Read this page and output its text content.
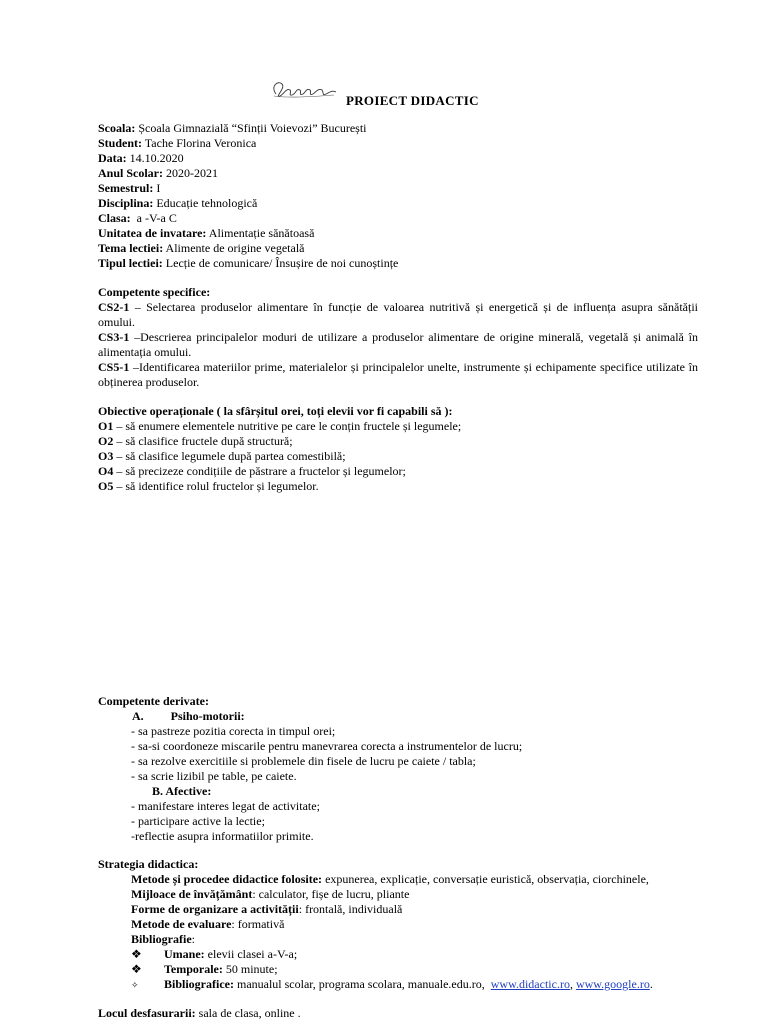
PROIECT DIDACTIC
Scoala: Școala Gimnazială “Sfinții Voievozi” București
Student: Tache Florina Veronica
Data: 14.10.2020
Anul Scolar: 2020-2021
Semestrul: I
Disciplina: Educație tehnologică
Clasa:  a -V-a C
Unitatea de invatare: Alimentație sănătoasă
Tema lectiei: Alimente de origine vegetală
Tipul lectiei: Lecție de comunicare/ Însușire de noi cunoștințe
Competente specifice:
CS2-1 – Selectarea produselor alimentare în funcție de valoarea nutritivă și energetică și de influența asupra sănătății omului.
CS3-1 –Descrierea principalelor moduri de utilizare a produselor alimentare de origine minerală, vegetală și animală în alimentația omului.
CS5-1 –Identificarea materiilor prime, materialelor și principalelor unelte, instrumente și echipamente specifice utilizate în obținerea produselor.
Obiective operaționale ( la sfârșitul orei, toți elevii vor fi capabili să ):
O1 – să enumere elementele nutritive pe care le conțin fructele și legumele;
O2 – să clasifice fructele după structură;
O3 – să clasifice legumele după partea comestibilă;
O4 – să precizeze condițiile de păstrare a fructelor și legumelor;
O5 – să identifice rolul fructelor și legumelor.
Competente derivate:
A. Psiho-motorii:
- sa pastreze pozitia corecta in timpul orei;
- sa-si coordoneze miscarile pentru manevrarea corecta a instrumentelor de lucru;
- sa rezolve exercitiile si problemele din fisele de lucru pe caiete / tabla;
- sa scrie lizibil pe table, pe caiete.
B. Afective:
- manifestare interes legat de activitate;
- participare active la lectie;
-reflectie asupra informatiilor primite.
Strategia didactica:
Metode și procedee didactice folosite: expunerea, explicație, conversație euristică, observația, ciorchinele,
Mijloace de învățământ: calculator, fișe de lucru, pliante
Forme de organizare a activității: frontală, individuală
Metode de evaluare: formativă
Bibliografie:
❖ Umane: elevii clasei a-V-a;
❖ Temporale: 50 minute;
✧ Bibliografice: manualul scolar, programa scolara, manuale.edu.ro,  www.didactic.ro, www.google.ro.
Locul desfasurarii: sala de clasa, online .
